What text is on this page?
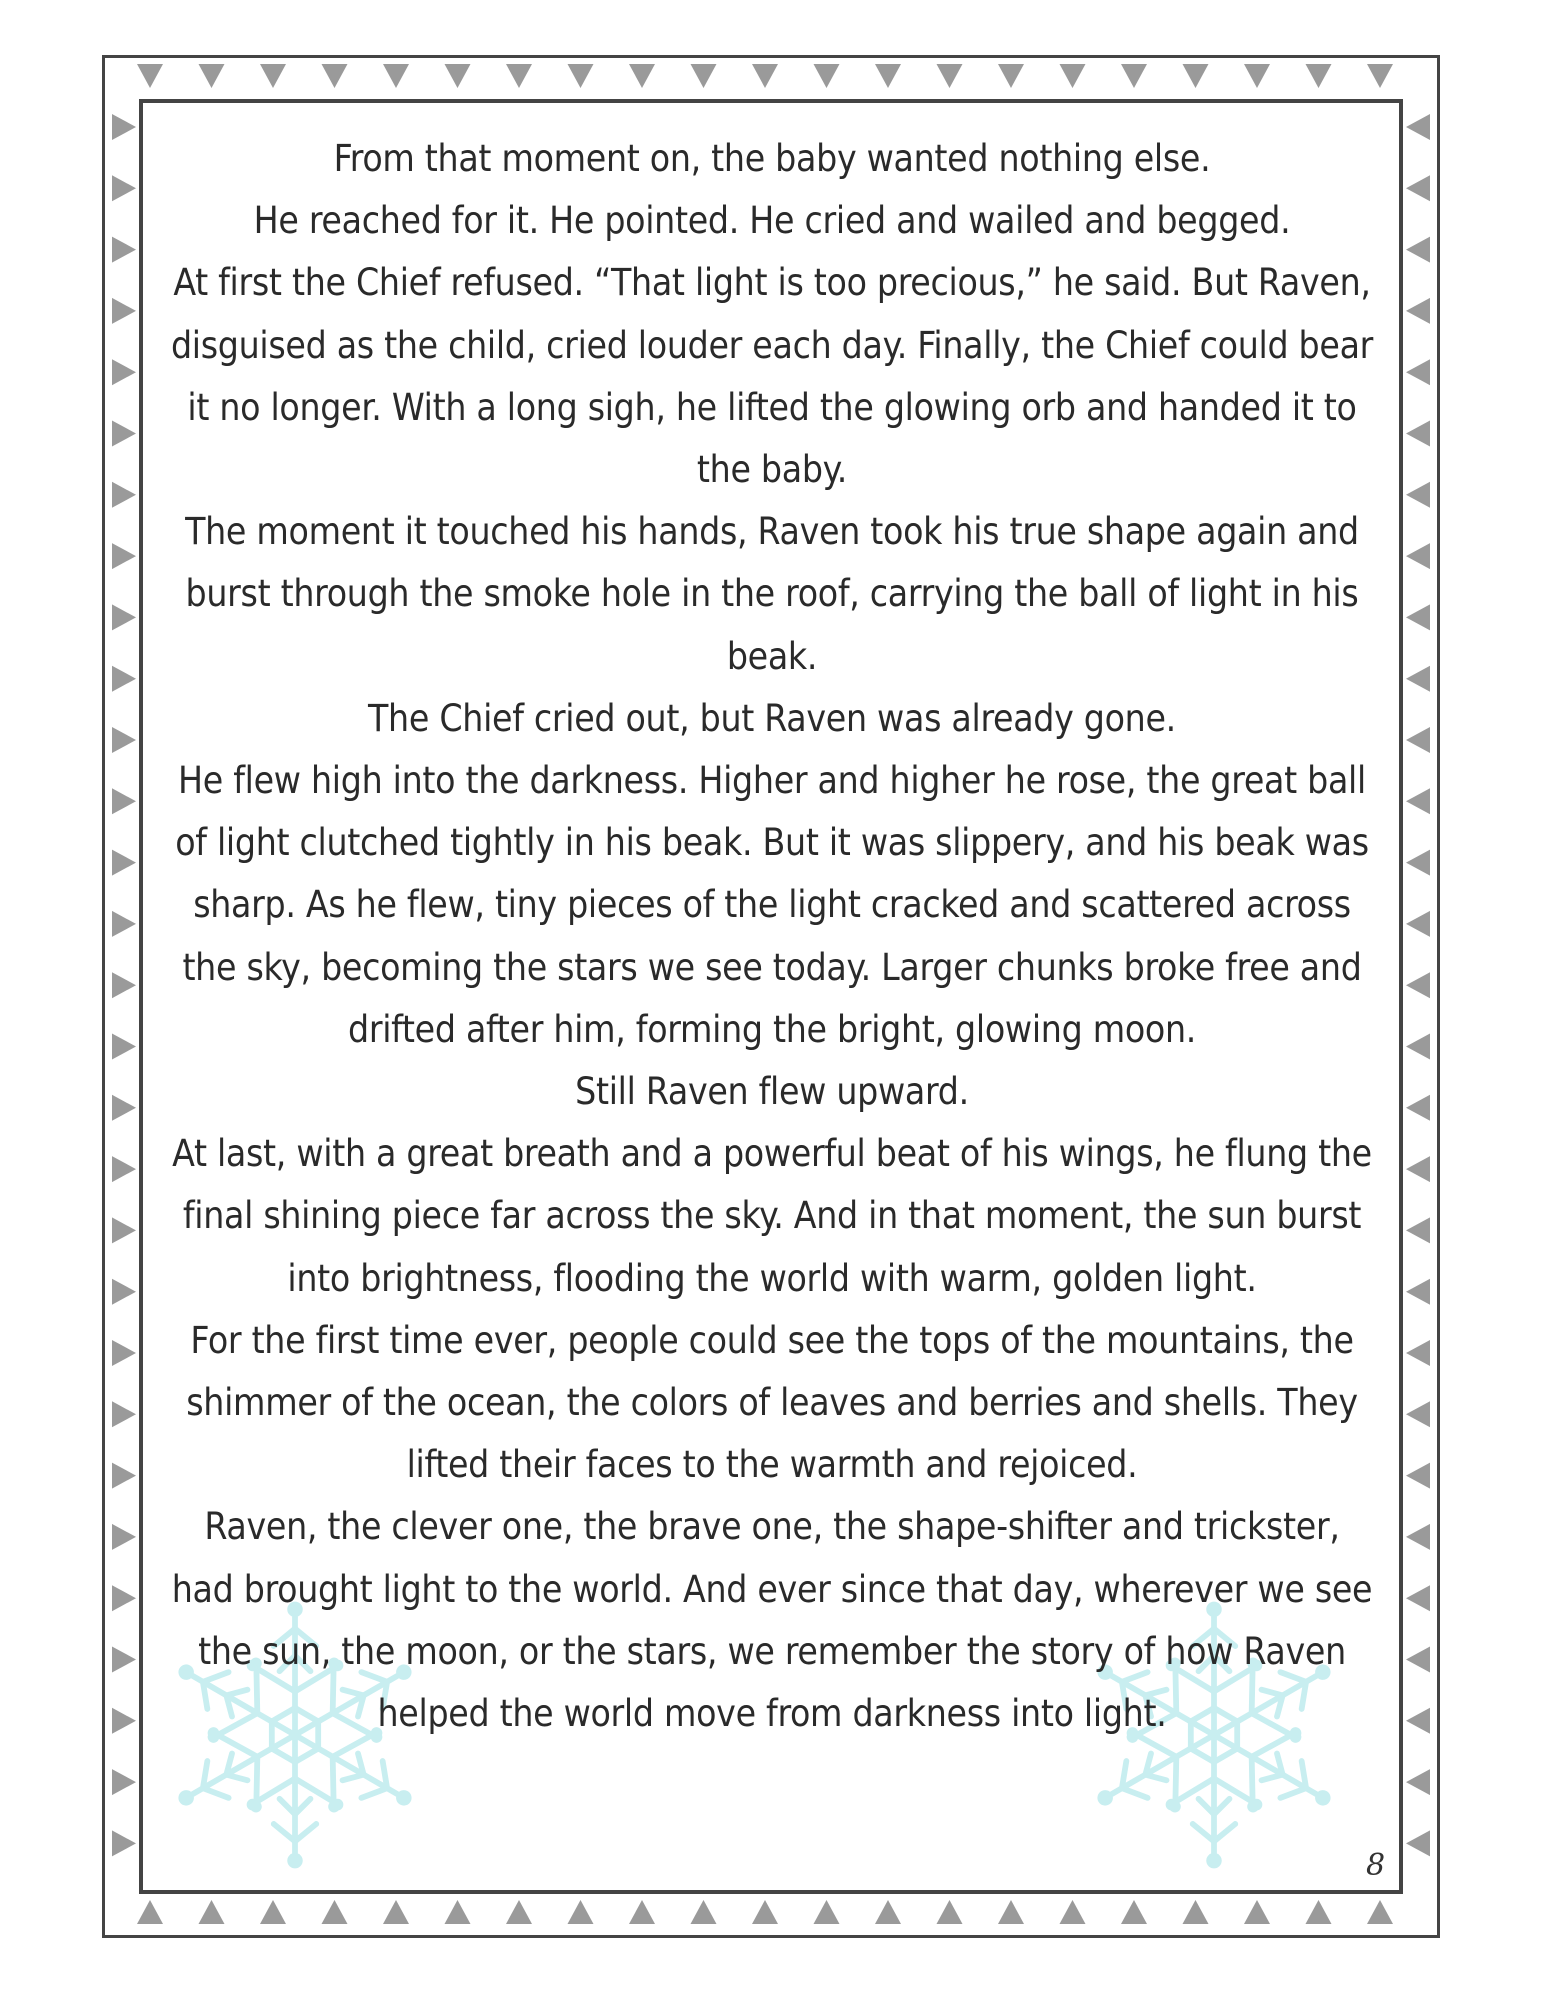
From that moment on, the baby wanted nothing else.

He reached for it. He pointed. He cried and wailed and begged.

At first the Chief refused. “That light is too precious,” he said. But Raven, disguised as the child, cried louder each day. Finally, the Chief could bear it no longer. With a long sigh, he lifted the glowing orb and handed it to the baby.

The moment it touched his hands, Raven took his true shape again and burst through the smoke hole in the roof, carrying the ball of light in his beak.

The Chief cried out, but Raven was already gone.

He flew high into the darkness. Higher and higher he rose, the great ball of light clutched tightly in his beak. But it was slippery, and his beak was sharp. As he flew, tiny pieces of the light cracked and scattered across the sky, becoming the stars we see today. Larger chunks broke free and drifted after him, forming the bright, glowing moon.

Still Raven flew upward.

At last, with a great breath and a powerful beat of his wings, he flung the final shining piece far across the sky. And in that moment, the sun burst into brightness, flooding the world with warm, golden light.

For the first time ever, people could see the tops of the mountains, the shimmer of the ocean, the colors of leaves and berries and shells. They lifted their faces to the warmth and rejoiced.

Raven, the clever one, the brave one, the shape-shifter and trickster, had brought light to the world. And ever since that day, wherever we see the sun, the moon, or the stars, we remember the story of how Raven helped the world move from darkness into light.

8
